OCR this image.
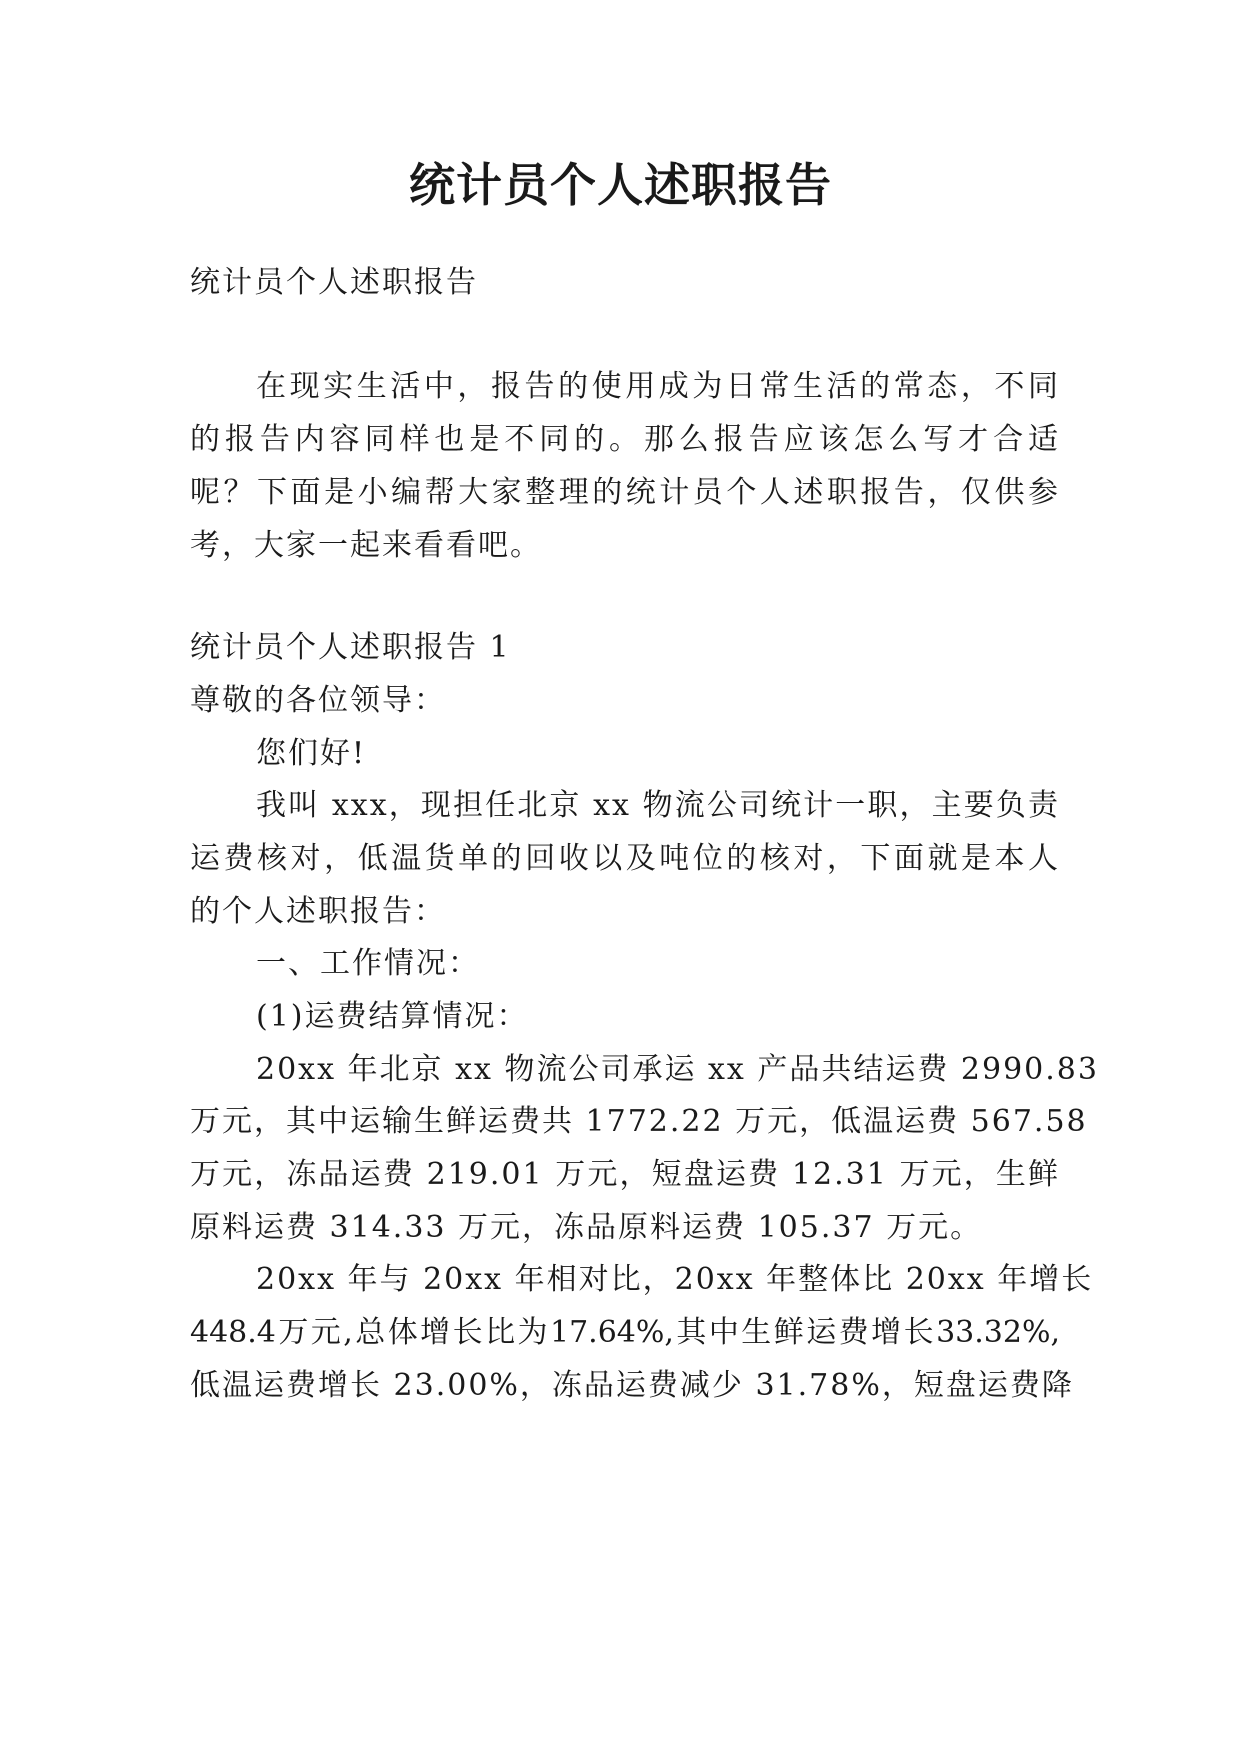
统计员个人述职报告
统计员个人述职报告
在现实生活中，报告的使用成为日常生活的常态，不同
的报告内容同样也是不同的。那么报告应该怎么写才合适
呢？下面是小编帮大家整理的统计员个人述职报告，仅供参
考，大家一起来看看吧。
统计员个人述职报告 1
尊敬的各位领导：
您们好!
我叫 xxx，现担任北京 xx 物流公司统计一职，主要负责
运费核对，低温货单的回收以及吨位的核对，下面就是本人
的个人述职报告：
一、工作情况：
(1)运费结算情况：
20xx 年北京 xx 物流公司承运 xx 产品共结运费 2990.83
万元，其中运输生鲜运费共 1772.22 万元，低温运费 567.58
万元，冻品运费 219.01 万元，短盘运费 12.31 万元，生鲜
原料运费 314.33 万元，冻品原料运费 105.37 万元。
20xx 年与 20xx 年相对比，20xx 年整体比 20xx 年增长
448.4万元,总体增长比为17.64%,其中生鲜运费增长33.32%,
低温运费增长 23.00%，冻品运费减少 31.78%，短盘运费降
